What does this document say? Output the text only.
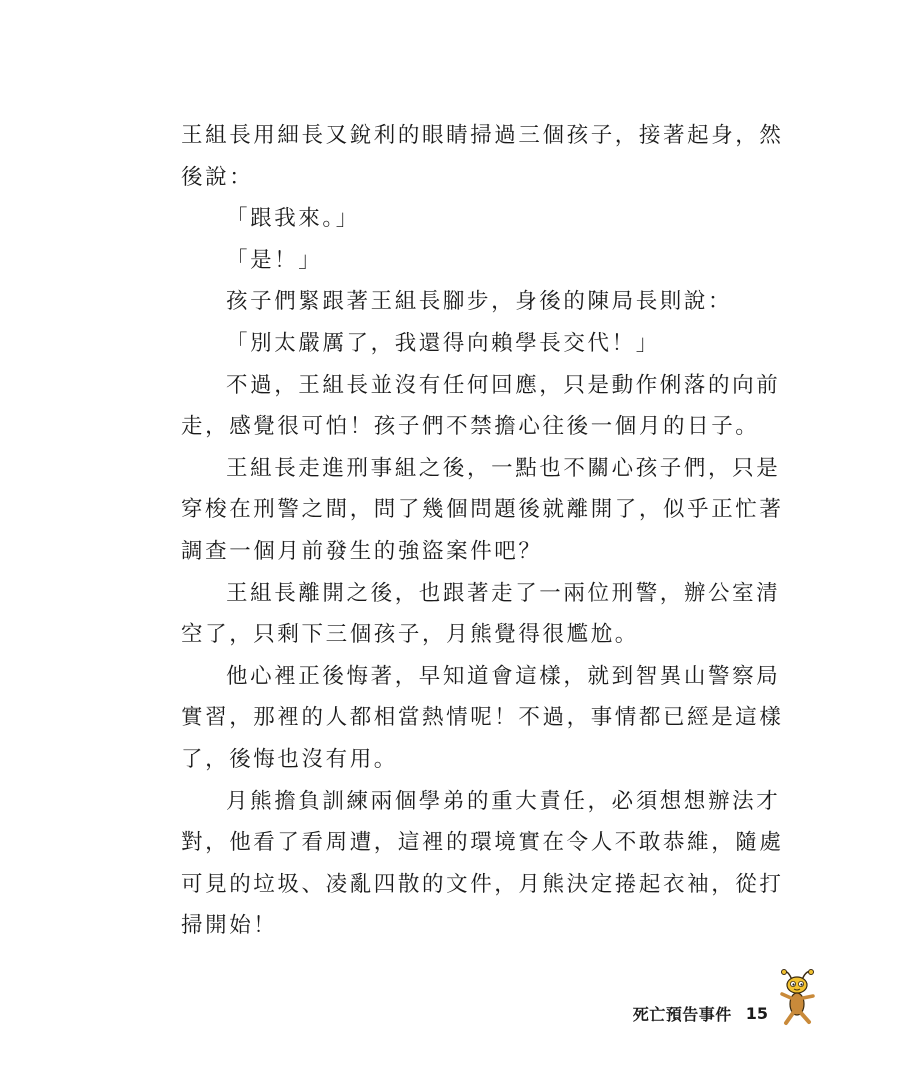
王組長用細長又銳利的眼睛掃過三個孩子，接著起身，然
後說：
「跟我來。」
「是！」
孩子們緊跟著王組長腳步，身後的陳局長則說：
「別太嚴厲了，我還得向賴學長交代！」
不過，王組長並沒有任何回應，只是動作俐落的向前
走，感覺很可怕！孩子們不禁擔心往後一個月的日子。
王組長走進刑事組之後，一點也不關心孩子們，只是
穿梭在刑警之間，問了幾個問題後就離開了，似乎正忙著
調查一個月前發生的強盜案件吧？
王組長離開之後，也跟著走了一兩位刑警，辦公室清
空了，只剩下三個孩子，月熊覺得很尷尬。
他心裡正後悔著，早知道會這樣，就到智異山警察局
實習，那裡的人都相當熱情呢！不過，事情都已經是這樣
了，後悔也沒有用。
月熊擔負訓練兩個學弟的重大責任，必須想想辦法才
對，他看了看周遭，這裡的環境實在令人不敢恭維，隨處
可見的垃圾、凌亂四散的文件，月熊決定捲起衣袖，從打
掃開始！
死亡預告事件 15
